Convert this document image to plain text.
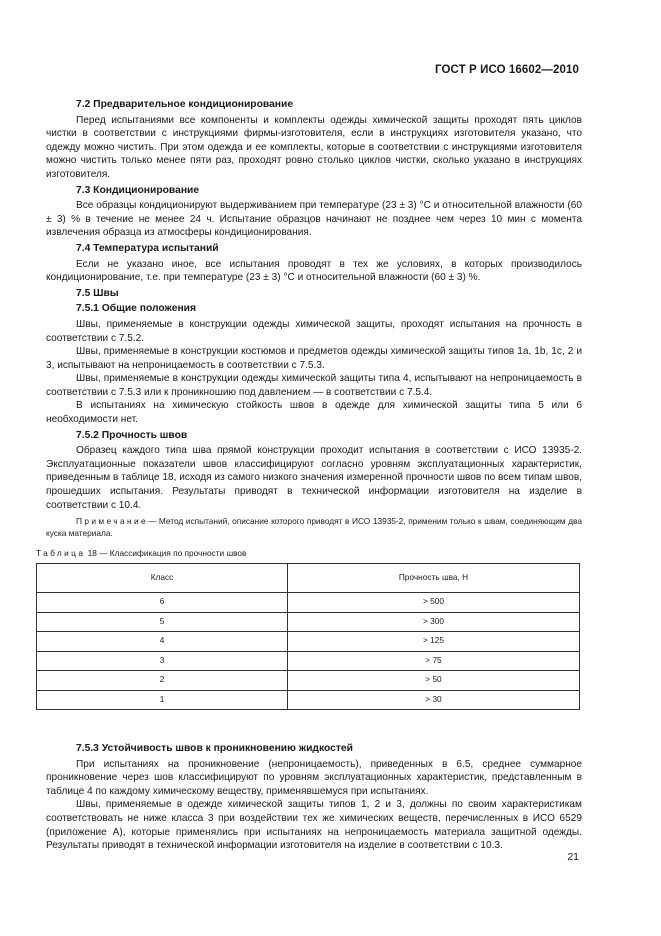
ГОСТ Р ИСО 16602—2010
7.2 Предварительное кондиционирование

Перед испытаниями все компоненты и комплекты одежды химической защиты проходят пять циклов чистки в соответствии с инструкциями фирмы-изготовителя, если в инструкциях изготовителя указано, что одежду можно чистить. При этом одежда и ее комплекты, которые в соответствии с инструкциями изготовителя можно чистить только менее пяти раз, проходят ровно столько циклов чистки, сколько указано в инструкциях изготовителя.

7.3 Кондиционирование

Все образцы кондиционируют выдерживанием при температуре (23 ± 3) °С и относительной влажности (60 ± 3) % в течение не менее 24 ч. Испытание образцов начинают не позднее чем через 10 мин с момента извлечения образца из атмосферы кондиционирования.

7.4 Температура испытаний

Если не указано иное, все испытания проводят в тех же условиях, в которых производилось кондиционирование, т.е. при температуре (23 ± 3) °С и относительной влажности (60 ± 3) %.

7.5 Швы
7.5.1 Общие положения

Швы, применяемые в конструкции одежды химической защиты, проходят испытания на прочность в соответствии с 7.5.2.

Швы, применяемые в конструкции костюмов и предметов одежды химической защиты типов 1а, 1b, 1с, 2 и 3, испытывают на непроницаемость в соответствии с 7.5.3.

Швы, применяемые в конструкции одежды химической защиты типа 4, испытывают на непроницаемость в соответствии с 7.5.3 или к проникношию под давлением — в соответствии с 7.5.4.

В испытаниях на химическую стойкость швов в одежде для химической защиты типа 5 или 6 необходимости нет.

7.5.2 Прочность швов

Образец каждого типа шва прямой конструкции проходит испытания в соответствии с ИСО 13935-2. Эксплуатационные показатели швов классифицируют согласно уровням эксплуатационных характеристик, приведенным в таблице 18, исходя из самого низкого значения измеренной прочности швов по всем типам швов, прошедших испытания. Результаты приводят в технической информации изготовителя на изделие в соответствии с 10.4.

Примечание— Метод испытаний, описание которого приводят в ИСО 13935-2, применим только к швам, соединяющим два куска материала.
Таблица 18 — Классификация по прочности швов
Класс	Прочность шва, Н
6	> 500
5	> 300
4	> 125
3	> 75
2	> 50
1	> 30
7.5.3 Устойчивость швов к проникновению жидкостей

При испытаниях на проникновение (непроницаемость), приведенных в 6.5, среднее суммарное проникновение через шов классифицируют по уровням эксплуатационных характеристик, представленным в таблице 4 по каждому химическому веществу, применявшемуся при испытаниях.

Швы, применяемые в одежде химической защиты типов 1, 2 и 3, должны по своим характеристикам соответствовать не ниже класса 3 при воздействии тех же химических веществ, перечисленных в ИСО 6529 (приложение А), которые применялись при испытаниях на непроницаемость материала защитной одежды. Результаты приводят в технической информации изготовителя на изделие в соответствии с 10.3.

21
